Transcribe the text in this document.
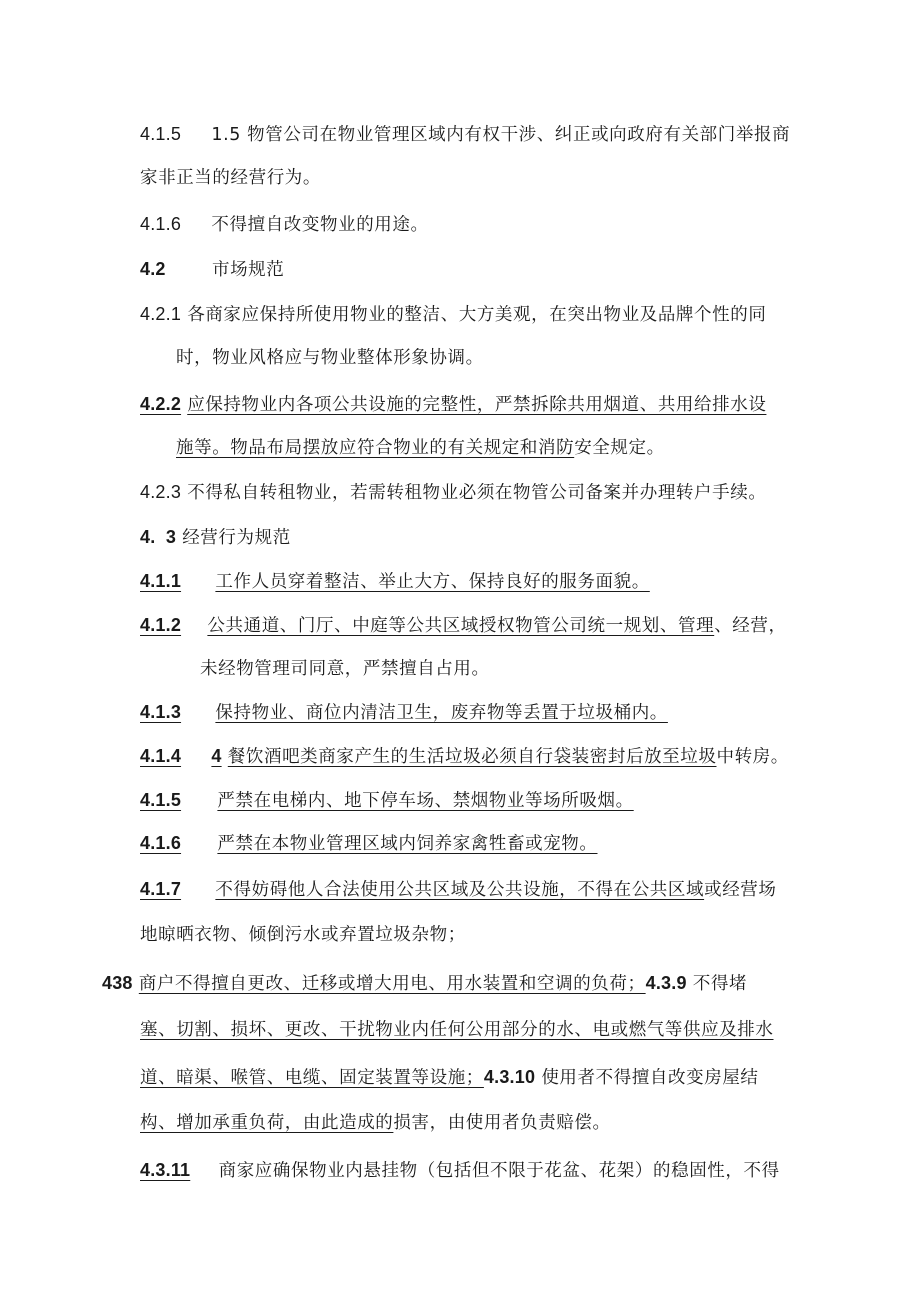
4.1.5 1.5 物管公司在物业管理区域内有权干涉、纠正或向政府有关部门举报商
家非正当的经营行为。
4.1.6 不得擅自改变物业的用途。
4.2	市场规范
4.2.1 各商家应保持所使用物业的整洁、大方美观，在突出物业及品牌个性的同
时，物业风格应与物业整体形象协调。
4.2.2 应保持物业内各项公共设施的完整性，严禁拆除共用烟道、共用给排水设
施等。物品布局摆放应符合物业的有关规定和消防安全规定。
4.2.3 不得私自转租物业，若需转租物业必须在物管公司备案并办理转户手续。
4.  3 经营行为规范
4.1.1 工作人员穿着整洁、举止大方、保持良好的服务面貌。
4.1.2 公共通道、门厅、中庭等公共区域授权物管公司统一规划、管理、经营，
未经物管理司同意，严禁擅自占用。
4.1.3 保持物业、商位内清洁卫生，废弃物等丢置于垃圾桶内。
4.1.4 4 餐饮酒吧类商家产生的生活垃圾必须自行袋装密封后放至垃圾中转房。
4.1.5 严禁在电梯内、地下停车场、禁烟物业等场所吸烟。
4.1.6 严禁在本物业管理区域内饲养家禽牲畜或宠物。
4.1.7 不得妨碍他人合法使用公共区域及公共设施，不得在公共区域或经营场
地晾晒衣物、倾倒污水或弃置垃圾杂物；
438 商户不得擅自更改、迁移或增大用电、用水装置和空调的负荷；4.3.9 不得堵
塞、切割、损坏、更改、干扰物业内任何公用部分的水、电或燃气等供应及排水
道、暗渠、喉管、电缆、固定装置等设施；4.3.10 使用者不得擅自改变房屋结
构、增加承重负荷，由此造成的损害，由使用者负责赔偿。
4.3.11 商家应确保物业内悬挂物（包括但不限于花盆、花架）的稳固性，不得
